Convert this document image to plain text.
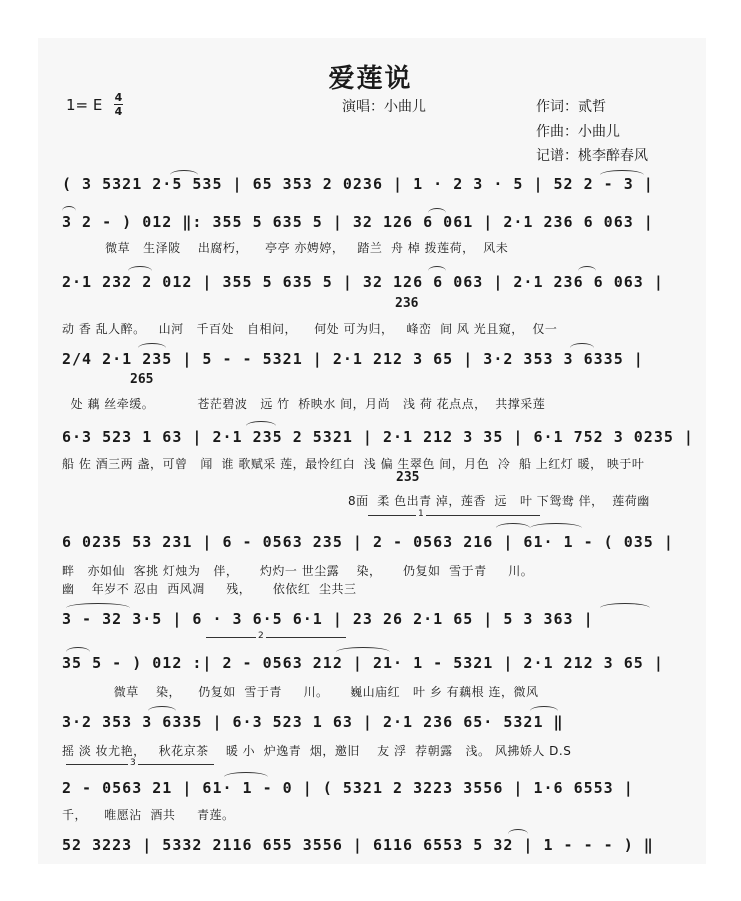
爱莲说
1= E 4
4	演唱：小曲儿	作词：贰哲
作曲：小曲儿
记谱：桃李醉春风
( 3 5321 2·5 535 | 65 353 2 0236 | 1 · 2 3 · 5 | 52 2 - 3 |
3 2 - ) 012 ‖: 355 5 635 5 | 32 126 6 061 | 2·1 236 6 063 |
微草   生泽陂    出腐朽，    亭亭 亦娉婷，   踏兰  舟 棹 拨莲荷，  风未
2·1 232 2 012 | 355 5 635 5 | 32 126 6 063 | 2·1 236 6 063 |
动 香 乱人醉。   山河   千百处   自相问，    何处 可为归，   峰峦  间 风 光且窥，  仅一
236
2/4 2·1 235 | 5 - - 5321 | 2·1 212 3 65 | 3·2 353 3 6335 |
265
处 藕 丝牵缓。          苍茫碧波   远 竹  桥映水 间，月尚   浅 荷 花点点，  共撑采莲
6·3 523 1 63 | 2·1 235 2 5321 | 2·1 212 3 35 | 6·1 752 3 0235 |
船 佐 酒三两 盏，可曾   闻  谁 歌赋采 莲，最怜红白  浅 偏 生翠色 间，月色  冷  船 上红灯 暖， 映于叶
235
8面  柔 色出青 淖，莲香  远   叶 下鸳鸯 伴，  莲荷幽
1
6 0235 53 231 | 6 - 0563 235 | 2 - 0563 216 | 61· 1 - ( 035 |
畔   亦如仙  客挑 灯烛为   伴，     灼灼一 世尘露    染，     仍复如  雪于青     川。
幽    年岁不 忍由  西风凋     残，     依依红  尘共三
3 - 32 3·5 | 6 · 3 6·5 6·1 | 23 26 2·1 65 | 5 3 363 |
2
35 5 - ) 012 :| 2 - 0563 212 | 21· 1 - 5321 | 2·1 212 3 65 |
微草    染，    仍复如  雪于青     川。     巍山庙红   叶 乡 有藕根 连，微风
3·2 353 3 6335 | 6·3 523 1 63 | 2·1 236 65· 5321 ‖
摇 淡 妆尤艳，   秋花京茶    暖 小  炉逸青  烟，邀旧    友 浮  荐朝露   浅。 风拂娇人 D.S
3
2 - 0563 21 | 61· 1 - 0 | ( 5321 2 3223 3556 | 1·6 6553 |
千，    唯愿沾  酒共     青莲。
52 3223 | 5332 2116 655 3556 | 6116 6553 5 32 | 1 - - - ) ‖
